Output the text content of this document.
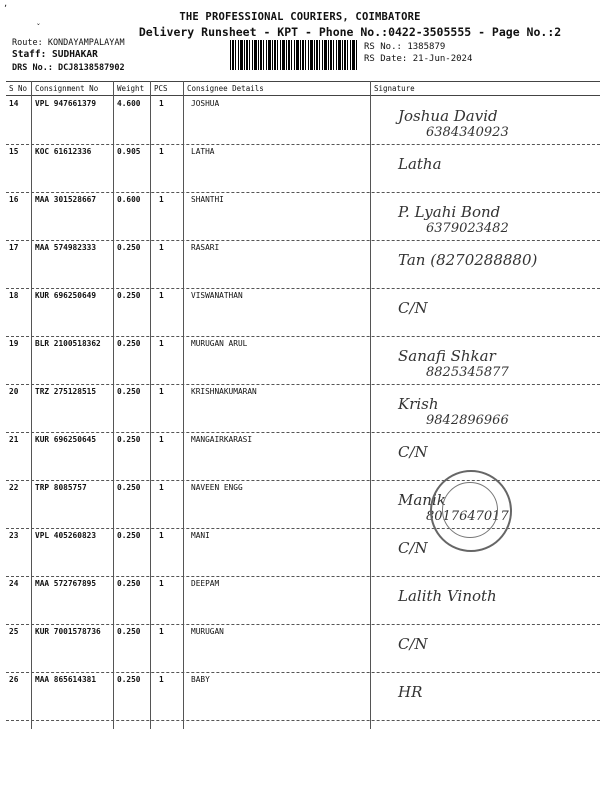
ʼ
ˇ
THE PROFESSIONAL COURIERS, COIMBATORE
Delivery Runsheet - KPT - Phone No.:0422-3505555 - Page No.:2
Route: KONDAYAMPALAYAM
Staff: SUDHAKAR
DRS No.: DCJ8138587902
RS No.: 1385879
RS Date: 21-Jun-2024
S No Consignment No	Weight PCS	Consignee Details	Signature
14 VPL 947661379	4.600 1	JOSHUA
Joshua David
6384340923
15 KOC 61612336	0.905 1	LATHA
Latha
16 MAA 301528667	0.600 1	SHANTHI
P. Lyahi Bond
6379023482
17 MAA 574982333	0.250 1	RASARI
Tan (8270288880)
18 KUR 696250649	0.250 1	VISWANATHAN
C/N
19 BLR 2100518362 0.250 1	MURUGAN ARUL
Sanafi Shkar
8825345877
20 TRZ 275128515	0.250 1	KRISHNAKUMARAN
Krish
9842896966
21 KUR 696250645	0.250 1	MANGAIRKARASI
C/N
22 TRP 8085757	0.250 1	NAVEEN ENGG
Manik
8017647017
23 VPL 405260823	0.250 1	MANI
C/N
24 MAA 572767895	0.250 1	DEEPAM
Lalith Vinoth
25 KUR 7001578736 0.250 1	MURUGAN
C/N
26 MAA 865614381	0.250 1	BABY
HR
